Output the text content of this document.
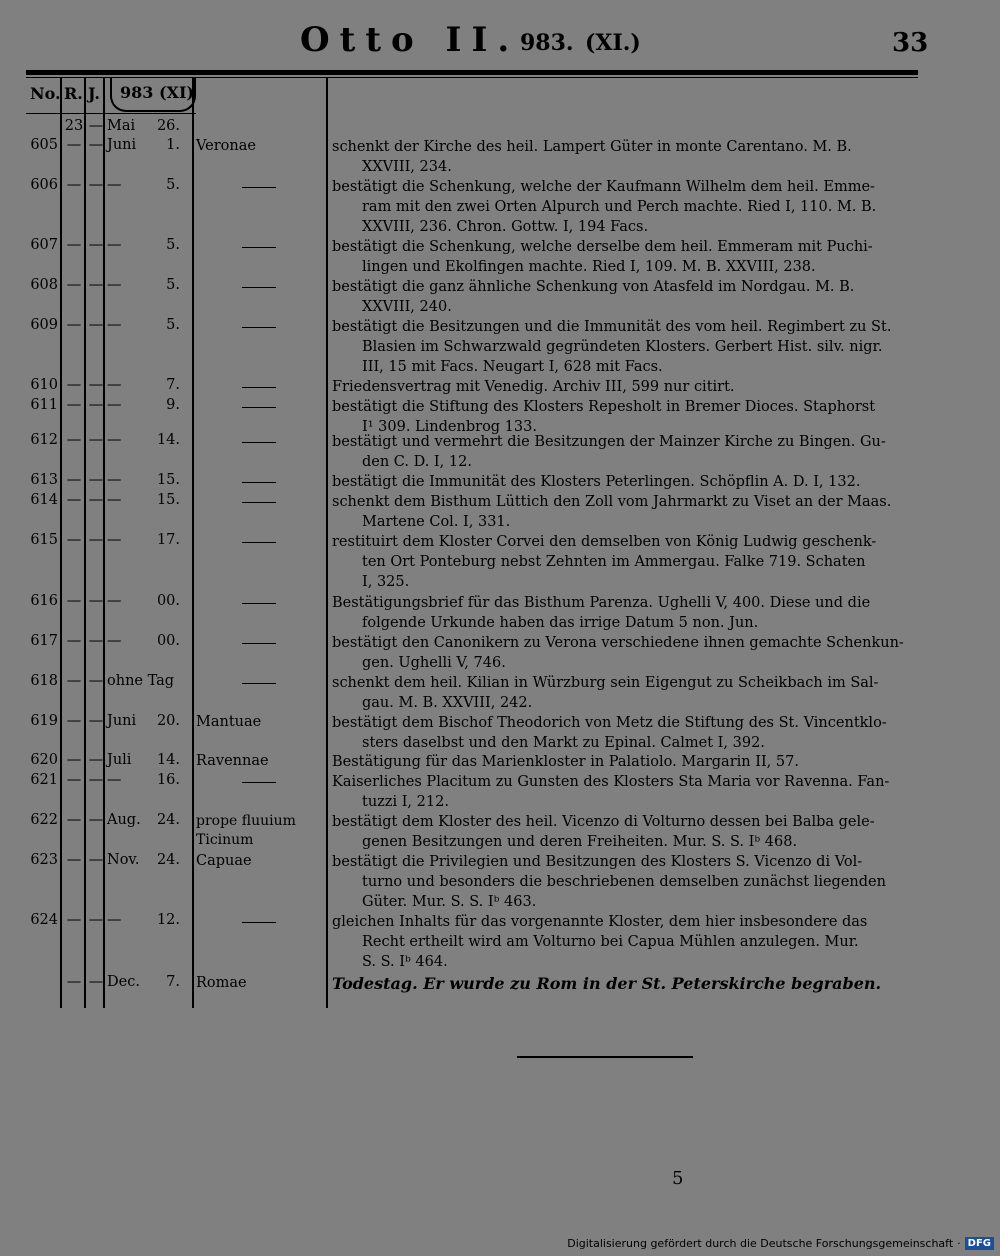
Otto II. 983. (XI.)	33
No. R. J. 983 (XI)
23 — Mai	26.
605 — — Juni	1. Veronae	schenkt der Kirche des heil. Lampert Güter in monte Carentano. M. B.
XXVIII, 234.
606 — — —	5.	bestätigt die Schenkung, welche der Kaufmann Wilhelm dem heil. Emme-
ram mit den zwei Orten Alpurch und Perch machte. Ried I, 110. M. B.
XXVIII, 236. Chron. Gottw. I, 194 Facs.
607 — — —	5.	bestätigt die Schenkung, welche derselbe dem heil. Emmeram mit Puchi-
lingen und Ekolfingen machte. Ried I, 109. M. B. XXVIII, 238.
608 — — —	5.	bestätigt die ganz ähnliche Schenkung von Atasfeld im Nordgau. M. B.
XXVIII, 240.
609 — — —	5.	bestätigt die Besitzungen und die Immunität des vom heil. Regimbert zu St.
Blasien im Schwarzwald gegründeten Klosters. Gerbert Hist. silv. nigr.
III, 15 mit Facs. Neugart I, 628 mit Facs.
610 — — —	7.	Friedensvertrag mit Venedig. Archiv III, 599 nur citirt.
611 — — —	9.	bestätigt die Stiftung des Klosters Repesholt in Bremer Dioces. Staphorst
I¹ 309. Lindenbrog 133.
612 — — —	14.	bestätigt und vermehrt die Besitzungen der Mainzer Kirche zu Bingen. Gu-
den C. D. I, 12.
613 — — —	15.	bestätigt die Immunität des Klosters Peterlingen. Schöpflin A. D. I, 132.
614 — — —	15.	schenkt dem Bisthum Lüttich den Zoll vom Jahrmarkt zu Viset an der Maas.
Martene Col. I, 331.
615 — — —	17.	restituirt dem Kloster Corvei den demselben von König Ludwig geschenk-
ten Ort Ponteburg nebst Zehnten im Ammergau. Falke 719. Schaten
I, 325.
616 — — —	00.	Bestätigungsbrief für das Bisthum Parenza. Ughelli V, 400. Diese und die
folgende Urkunde haben das irrige Datum 5 non. Jun.
617 — — —	00.	bestätigt den Canonikern zu Verona verschiedene ihnen gemachte Schenkun-
gen. Ughelli V, 746.
618 — — ohne Tag	schenkt dem heil. Kilian in Würzburg sein Eigengut zu Scheikbach im Sal-
gau. M. B. XXVIII, 242.
619 — — Juni	20. Mantuae	bestätigt dem Bischof Theodorich von Metz die Stiftung des St. Vincentklo-
sters daselbst und den Markt zu Epinal. Calmet I, 392.
620 — — Juli	14. Ravennae	Bestätigung für das Marienkloster in Palatiolo. Margarin II, 57.
621 — — —	16.	Kaiserliches Placitum zu Gunsten des Klosters Sta Maria vor Ravenna. Fan-
tuzzi I, 212.
622 — — Aug.	24. prope fluuium Ticinum
bestätigt dem Kloster des heil. Vicenzo di Volturno dessen bei Balba gele-
genen Besitzungen und deren Freiheiten. Mur. S. S. Iᵇ 468.
623 — — Nov.	24. Capuae	bestätigt die Privilegien und Besitzungen des Klosters S. Vicenzo di Vol-
turno und besonders die beschriebenen demselben zunächst liegenden
Güter. Mur. S. S. Iᵇ 463.
624 — — —	12.	gleichen Inhalts für das vorgenannte Kloster, dem hier insbesondere das
Recht ertheilt wird am Volturno bei Capua Mühlen anzulegen. Mur.
S. S. Iᵇ 464.
— — Dec.	7. Romae	Todestag. Er wurde zu Rom in der St. Peterskirche begraben.
5
Digitalisierung gefördert durch die Deutsche Forschungsgemeinschaft · DFG
